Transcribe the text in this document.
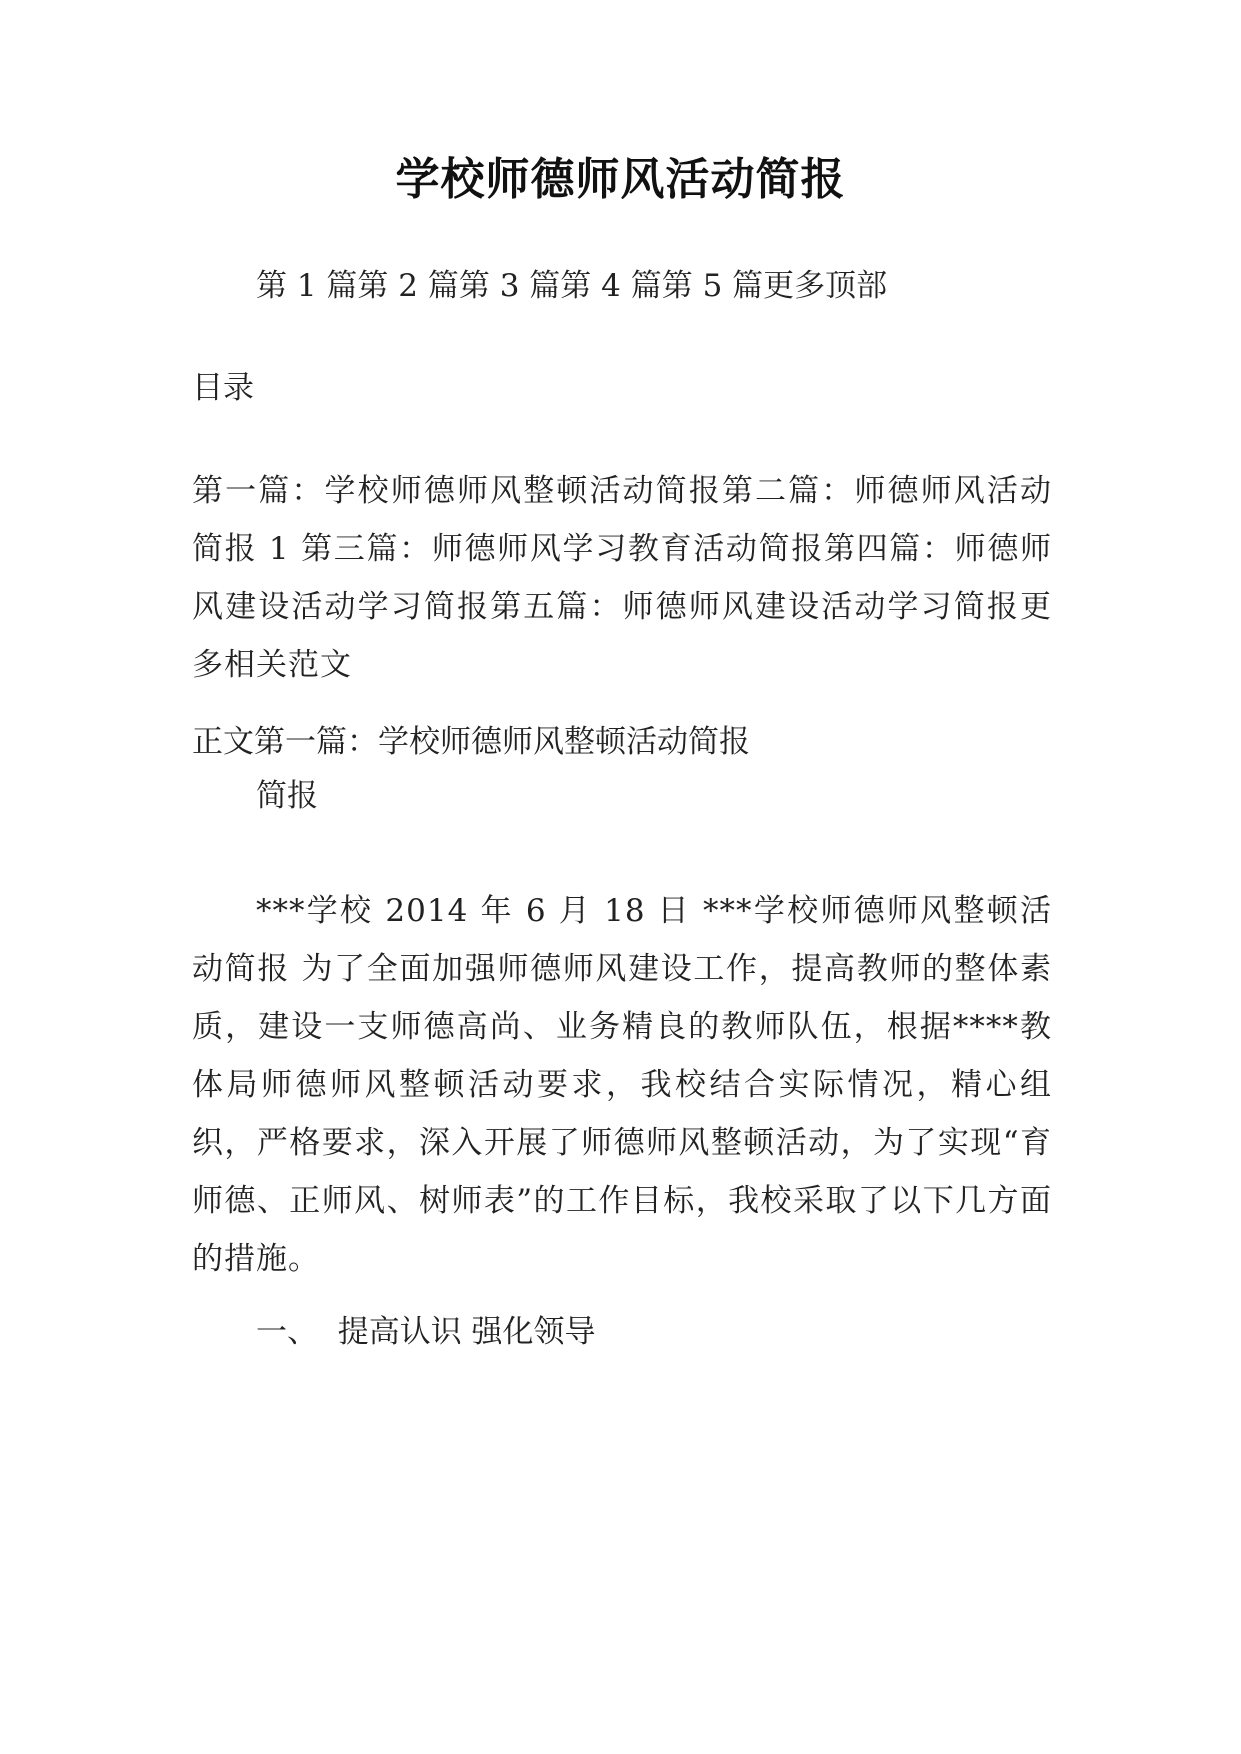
学校师德师风活动简报
第 1 篇第 2 篇第 3 篇第 4 篇第 5 篇更多顶部
目录
第一篇：学校师德师风整顿活动简报第二篇：师德师风活动简报 1 第三篇：师德师风学习教育活动简报第四篇：师德师风建设活动学习简报第五篇：师德师风建设活动学习简报更多相关范文
正文第一篇：学校师德师风整顿活动简报
简报
***学校 2014 年 6 月 18 日 ***学校师德师风整顿活动简报 为了全面加强师德师风建设工作，提高教师的整体素质，建设一支师德高尚、业务精良的教师队伍，根据****教体局师德师风整顿活动要求，我校结合实际情况，精心组织，严格要求，深入开展了师德师风整顿活动，为了实现“育师德、正师风、树师表”的工作目标，我校采取了以下几方面的措施。
一、  提高认识 强化领导
